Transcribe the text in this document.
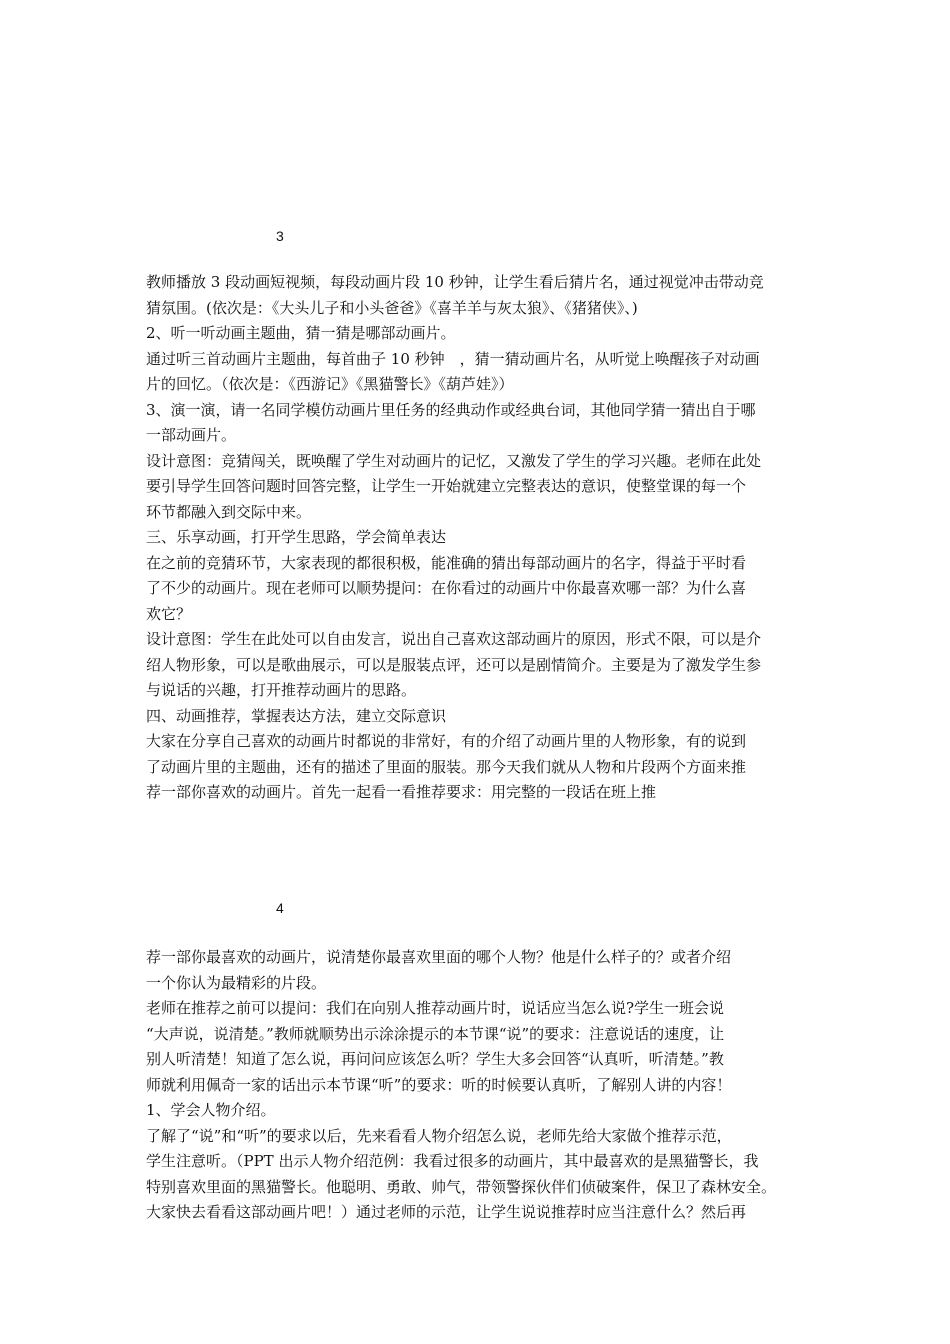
3
教师播放 3 段动画短视频，每段动画片段 10 秒钟，让学生看后猜片名，通过视觉冲击带动竞
猜氛围。(依次是：《大头儿子和小头爸爸》《喜羊羊与灰太狼》、《猪猪侠》、)
2、听一听动画主题曲，猜一猜是哪部动画片。
通过听三首动画片主题曲，每首曲子 10 秒钟　，猜一猜动画片名，从听觉上唤醒孩子对动画
片的回忆。（依次是：《西游记》《黑猫警长》《葫芦娃》）
3、演一演，请一名同学模仿动画片里任务的经典动作或经典台词，其他同学猜一猜出自于哪
一部动画片。
设计意图：竞猜闯关，既唤醒了学生对动画片的记忆，又激发了学生的学习兴趣。老师在此处
要引导学生回答问题时回答完整，让学生一开始就建立完整表达的意识，使整堂课的每一个
环节都融入到交际中来。
三、乐享动画，打开学生思路，学会简单表达
在之前的竞猜环节，大家表现的都很积极，能准确的猜出每部动画片的名字，得益于平时看
了不少的动画片。现在老师可以顺势提问：在你看过的动画片中你最喜欢哪一部？为什么喜
欢它？
设计意图：学生在此处可以自由发言，说出自己喜欢这部动画片的原因，形式不限，可以是介
绍人物形象，可以是歌曲展示，可以是服装点评，还可以是剧情简介。主要是为了激发学生参
与说话的兴趣，打开推荐动画片的思路。
四、动画推荐，掌握表达方法，建立交际意识
大家在分享自己喜欢的动画片时都说的非常好，有的介绍了动画片里的人物形象，有的说到
了动画片里的主题曲，还有的描述了里面的服装。那今天我们就从人物和片段两个方面来推
荐一部你喜欢的动画片。首先一起看一看推荐要求：用完整的一段话在班上推
4
荐一部你最喜欢的动画片，说清楚你最喜欢里面的哪个人物？他是什么样子的？或者介绍
一个你认为最精彩的片段。
老师在推荐之前可以提问：我们在向别人推荐动画片时，说话应当怎么说?学生一班会说
“大声说，说清楚。”教师就顺势出示涂涂提示的本节课“说”的要求：注意说话的速度，让
别人听清楚！知道了怎么说，再问问应该怎么听？学生大多会回答“认真听，听清楚。”教
师就利用佩奇一家的话出示本节课“听”的要求：听的时候要认真听，了解别人讲的内容！
1、学会人物介绍。
了解了“说”和“听”的要求以后，先来看看人物介绍怎么说，老师先给大家做个推荐示范，
学生注意听。（PPT 出示人物介绍范例：我看过很多的动画片，其中最喜欢的是黑猫警长，我
特别喜欢里面的黑猫警长。他聪明、勇敢、帅气，带领警探伙伴们侦破案件，保卫了森林安全。
大家快去看看这部动画片吧！）通过老师的示范，让学生说说推荐时应当注意什么？然后再
